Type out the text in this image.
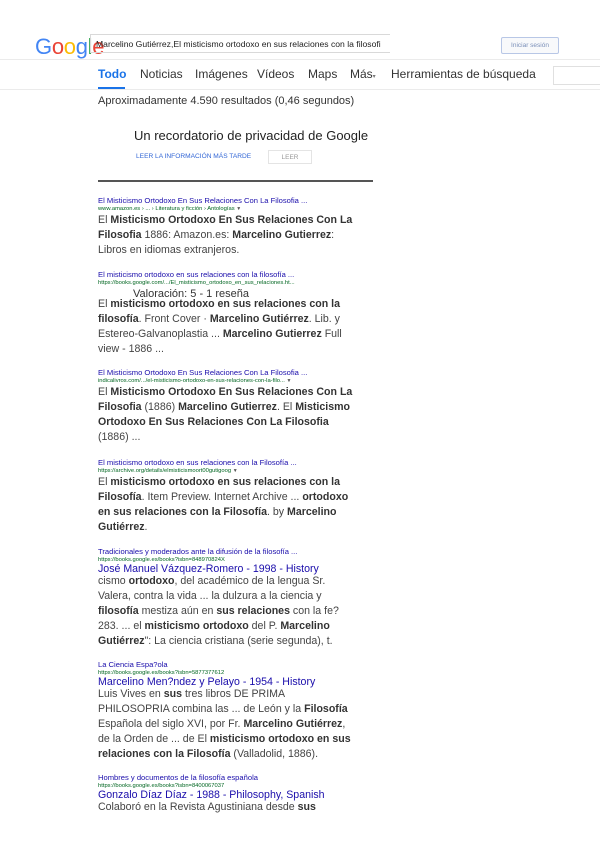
Google
Marcelino Gutiérrez,El misticismo ortodoxo en sus relaciones con la filosofi	Iniciar sesión
Todo Noticias Imágenes Vídeos Maps Más▾ Herramientas de búsqueda
Aproximadamente 4.590 resultados (0,46 segundos)
Un recordatorio de privacidad de Google
LEER LA INFORMACIÓN MÁS TARDE	LEER
El Misticismo Ortodoxo En Sus Relaciones Con La Filosofia ...
www.amazon.es › ... › Literatura y ficción › Antologías ▼
El Misticismo Ortodoxo En Sus Relaciones Con La Filosofia 1886: Amazon.es: Marcelino Gutierrez: Libros en idiomas extranjeros.
El misticismo ortodoxo en sus relaciones con la filosofía ...
https://books.google.com/.../El_misticismo_ortodoxo_en_sus_relaciones.ht...
El misticismo ortodoxo en sus relaciones con la filosofía. Front Cover · Marcelino Gutiérrez. Lib. y Estereo-Galvanoplastia ... Marcelino Gutierrez Full view - 1886 ...
Valoración: 5 - 1 reseña
El Misticismo Ortodoxo En Sus Relaciones Con La Filosofia ...
indicalivros.com/.../el-misticismo-ortodoxo-en-sus-relaciones-con-la-filo... ▼
El Misticismo Ortodoxo En Sus Relaciones Con La Filosofia (1886) Marcelino Gutierrez. El Misticismo Ortodoxo En Sus Relaciones Con La Filosofia (1886) ...
El misticismo ortodoxo en sus relaciones con la Filosofía ...
https://archive.org/details/elmisticismoort00gutigoog ▼
El misticismo ortodoxo en sus relaciones con la Filosofía. Item Preview. Internet Archive ... ortodoxo en sus relaciones con la Filosofía. by Marcelino Gutiérrez.
Tradicionales y moderados ante la difusión de la filosofía ...
https://books.google.es/books?isbn=848970824X
José Manuel Vázquez-Romero - 1998 - History
cismo ortodoxo, del académico de la lengua Sr. Valera, contra la vida ... la dulzura a la ciencia y filosofía mestiza aún en sus relaciones con la fe? 283. ... el misticismo ortodoxo del P. Marcelino Gutiérrez": La ciencia cristiana (serie segunda), t.
La Ciencia Espa?ola
https://books.google.es/books?isbn=5877377612
Marcelino Men?ndez y Pelayo - 1954 - History
Luis Vives en sus tres libros DE PRIMA PHILOSOPRIA combina las ... de León y la Filosofía Española del siglo XVI, por Fr. Marcelino Gutiérrez, de la Orden de ... de El misticismo ortodoxo en sus relaciones con la Filosofía (Valladolid, 1886).
Hombres y documentos de la filosofía española
https://books.google.es/books?isbn=8400067037
Gonzalo Díaz Díaz - 1988 - Philosophy, Spanish
Colaboró en la Revista Agustiniana desde sus
